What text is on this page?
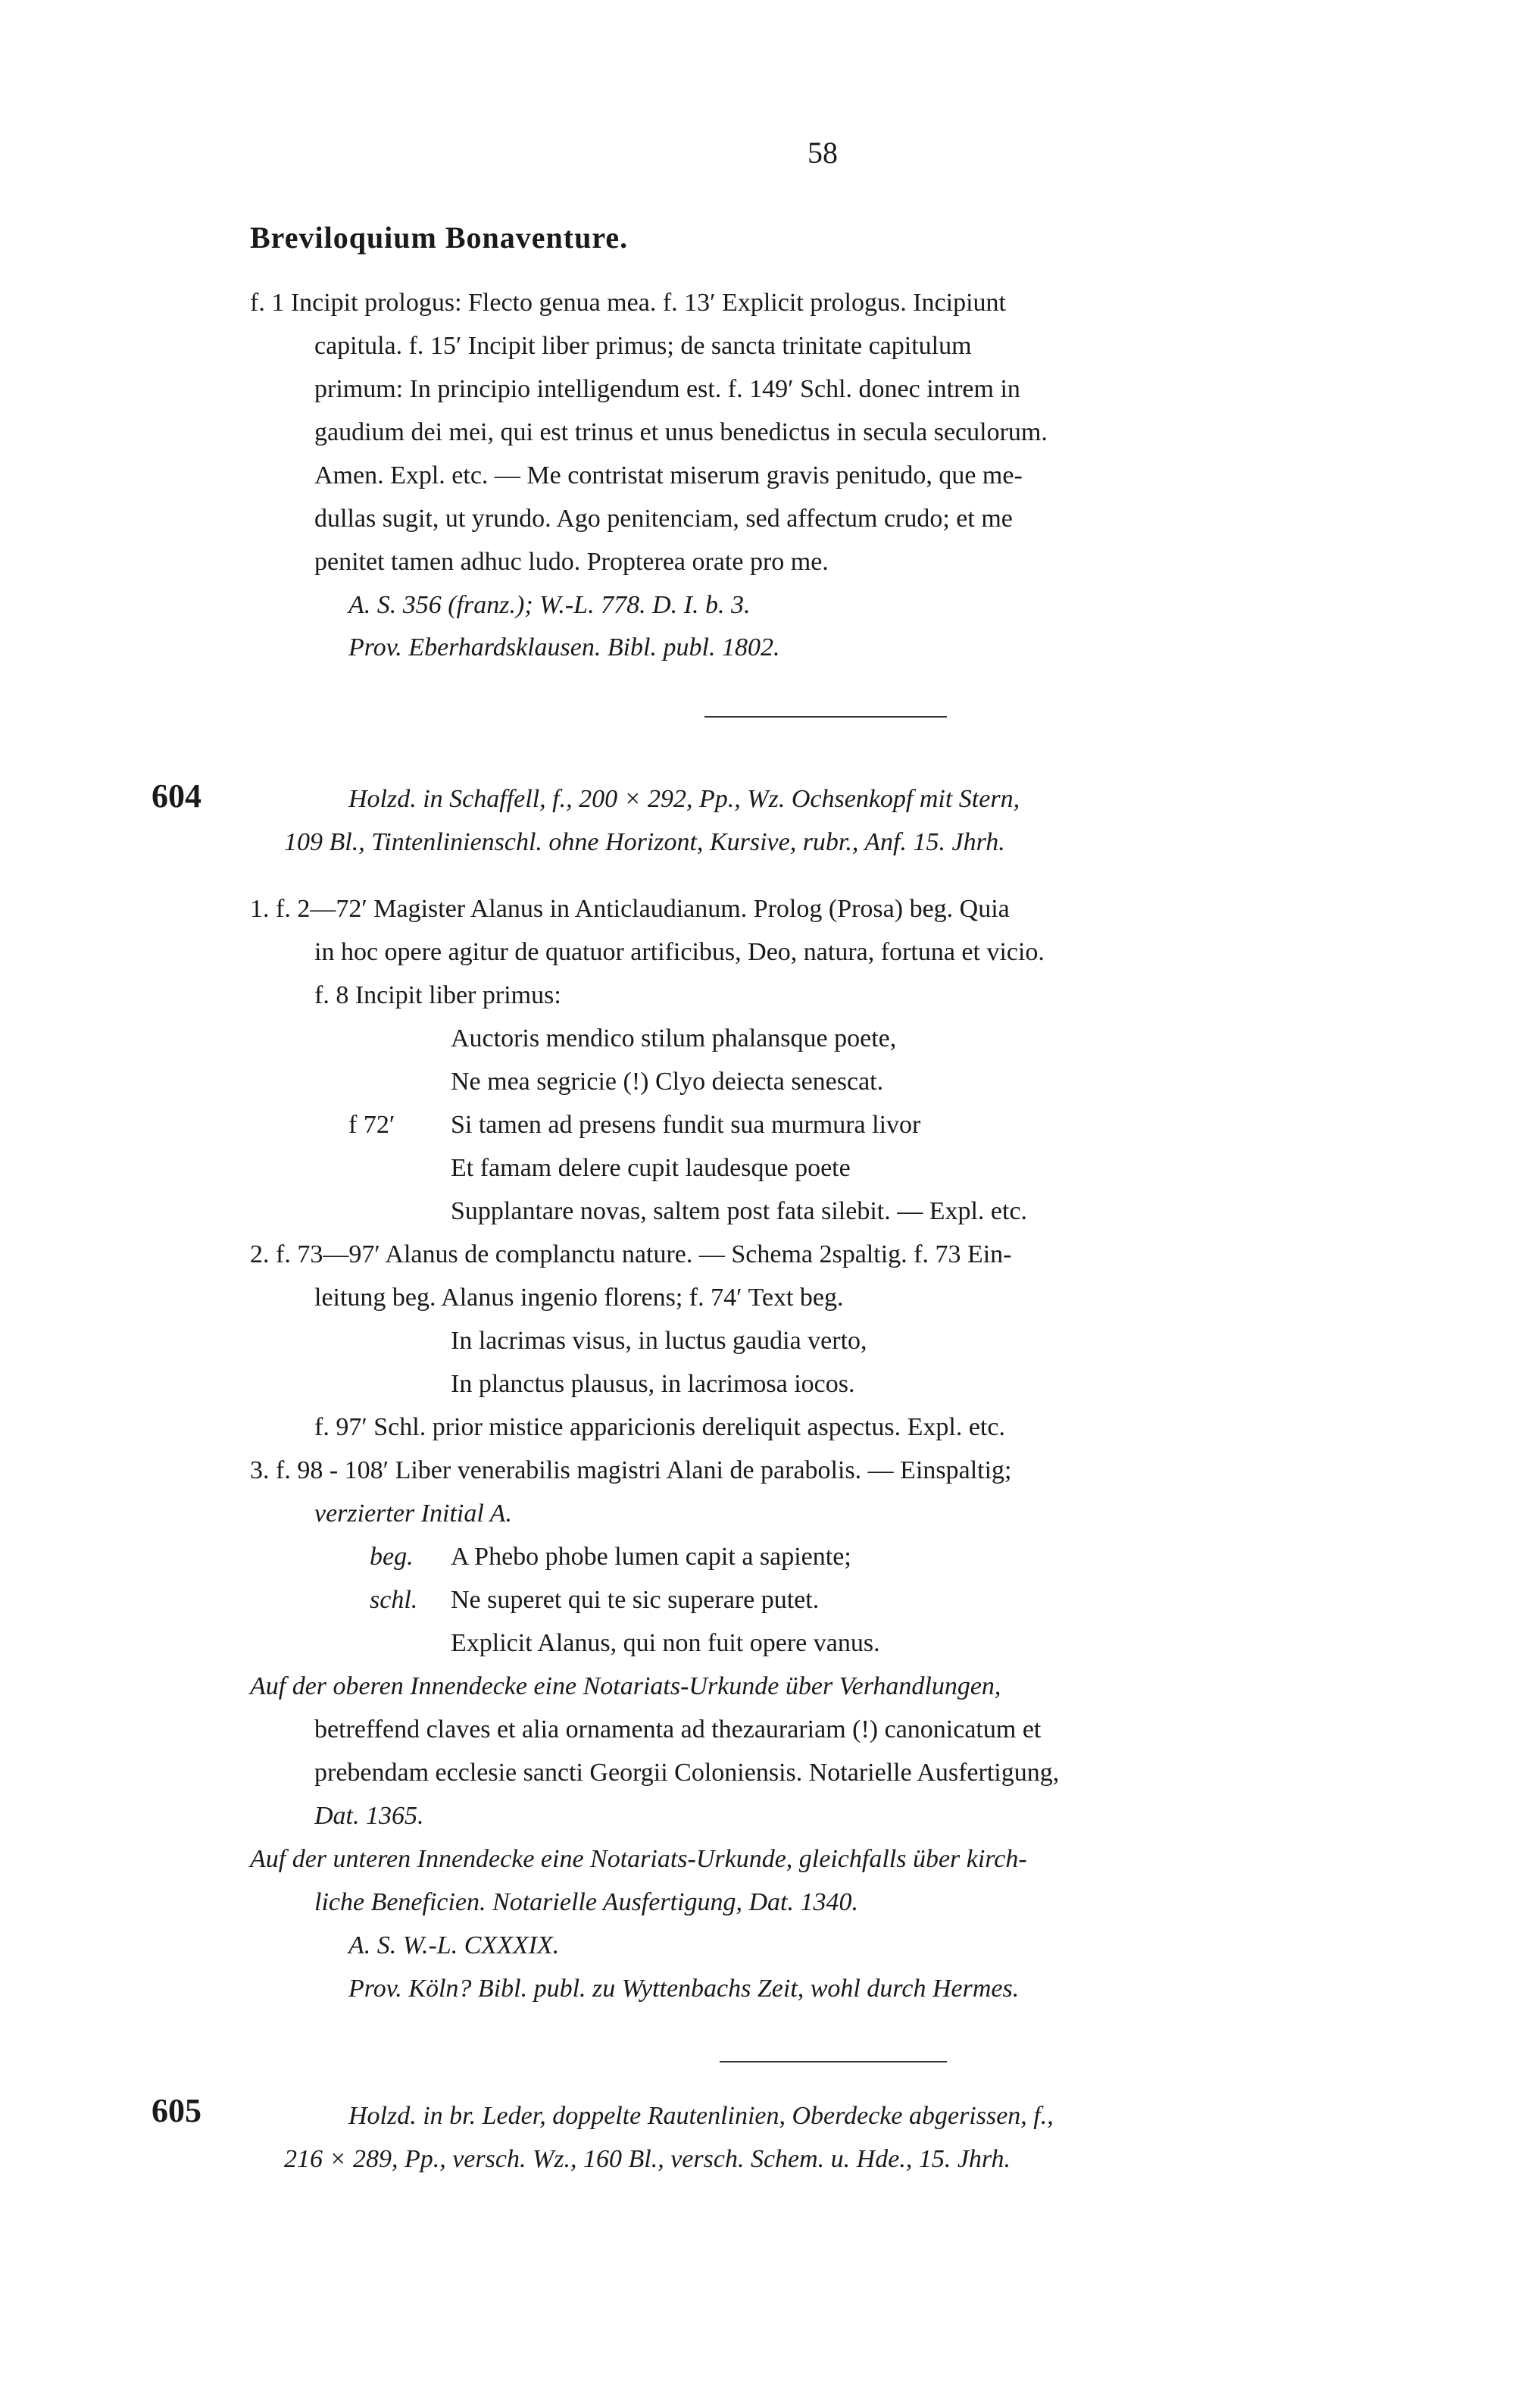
58
Breviloquium Bonaventure.
f. 1 Incipit prologus: Flecto genua mea. f. 13′ Explicit prologus. Incipiunt
capitula. f. 15′ Incipit liber primus; de sancta trinitate capitulum
primum: In principio intelligendum est. f. 149′ Schl. donec intrem in
gaudium dei mei, qui est trinus et unus benedictus in secula seculorum.
Amen. Expl. etc. — Me contristat miserum gravis penitudo, que me-
dullas sugit, ut yrundo. Ago penitenciam, sed affectum crudo; et me
penitet tamen adhuc ludo. Propterea orate pro me.
A. S. 356 (franz.); W.-L. 778. D. I. b. 3.
Prov. Eberhardsklausen. Bibl. publ. 1802.
604	Holzd. in Schaffell, f., 200 × 292, Pp., Wz. Ochsenkopf mit Stern,
109 Bl., Tintenlinienschl. ohne Horizont, Kursive, rubr., Anf. 15. Jhrh.
1. f. 2—72′ Magister Alanus in Anticlaudianum. Prolog (Prosa) beg. Quia
in hoc opere agitur de quatuor artificibus, Deo, natura, fortuna et vicio.
f. 8 Incipit liber primus:
Auctoris mendico stilum phalansque poete,
Ne mea segricie (!) Clyo deiecta senescat.
f 72′ Si tamen ad presens fundit sua murmura livor
Et famam delere cupit laudesque poete
Supplantare novas, saltem post fata silebit. — Expl. etc.
2. f. 73—97′ Alanus de complanctu nature. — Schema 2spaltig. f. 73 Ein-
leitung beg. Alanus ingenio florens; f. 74′ Text beg.
In lacrimas visus, in luctus gaudia verto,
In planctus plausus, in lacrimosa iocos.
f. 97′ Schl. prior mistice apparicionis dereliquit aspectus. Expl. etc.
3. f. 98 - 108′ Liber venerabilis magistri Alani de parabolis. — Einspaltig;
verzierter Initial A.
beg. A Phebo phobe lumen capit a sapiente;
schl. Ne superet qui te sic superare putet.
Explicit Alanus, qui non fuit opere vanus.
Auf der oberen Innendecke eine Notariats-Urkunde über Verhandlungen,
betreffend claves et alia ornamenta ad thezaurariam (!) canonicatum et
prebendam ecclesie sancti Georgii Coloniensis. Notarielle Ausfertigung,
Dat. 1365.
Auf der unteren Innendecke eine Notariats-Urkunde, gleichfalls über kirch-
liche Beneficien. Notarielle Ausfertigung, Dat. 1340.
A. S. W.-L. CXXXIX.
Prov. Köln? Bibl. publ. zu Wyttenbachs Zeit, wohl durch Hermes.
605	Holzd. in br. Leder, doppelte Rautenlinien, Oberdecke abgerissen, f.,
216 × 289, Pp., versch. Wz., 160 Bl., versch. Schem. u. Hde., 15. Jhrh.
